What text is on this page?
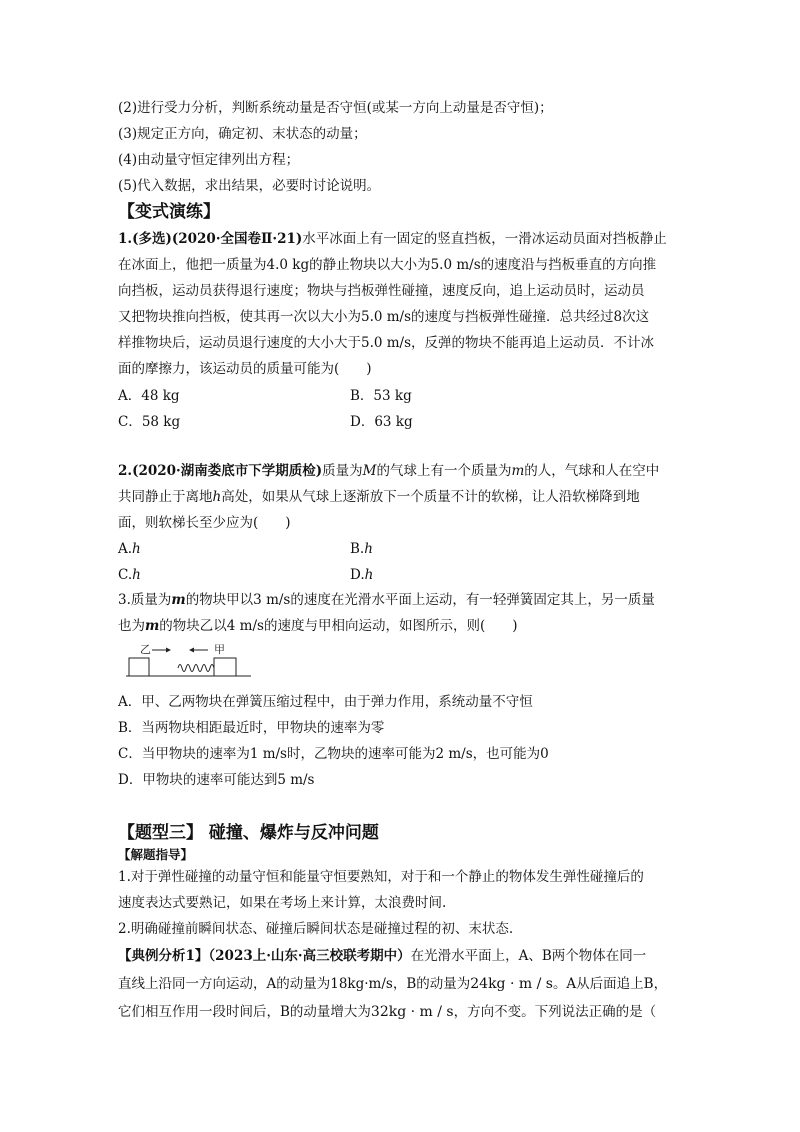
(2)进行受力分析，判断系统动量是否守恒(或某一方向上动量是否守恒)；
(3)规定正方向，确定初、末状态的动量；
(4)由动量守恒定律列出方程；
(5)代入数据，求出结果，必要时讨论说明。
【变式演练】
1.(多选)(2020·全国卷Ⅱ·21)水平冰面上有一固定的竖直挡板，一滑冰运动员面对挡板静止
在冰面上，他把一质量为4.0 kg的静止物块以大小为5.0 m/s的速度沿与挡板垂直的方向推
向挡板，运动员获得退行速度；物块与挡板弹性碰撞，速度反向，追上运动员时，运动员
又把物块推向挡板，使其再一次以大小为5.0 m/s的速度与挡板弹性碰撞．总共经过8次这
样推物块后，运动员退行速度的大小大于5.0 m/s，反弹的物块不能再追上运动员．不计冰
面的摩擦力，该运动员的质量可能为(　　)
A．48 kg	B．53 kg
C．58 kg	D．63 kg
2.(2020·湖南娄底市下学期质检)质量为M的气球上有一个质量为m的人，气球和人在空中
共同静止于离地h高处，如果从气球上逐渐放下一个质量不计的软梯，让人沿软梯降到地
面，则软梯长至少应为(　　)
A.h	B.h
C.h	D.h
3.质量为m的物块甲以3 m/s的速度在光滑水平面上运动，有一轻弹簧固定其上，另一质量
也为m的物块乙以4 m/s的速度与甲相向运动，如图所示，则(　　)
乙	甲
A．甲、乙两物块在弹簧压缩过程中，由于弹力作用，系统动量不守恒
B．当两物块相距最近时，甲物块的速率为零
C．当甲物块的速率为1 m/s时，乙物块的速率可能为2 m/s，也可能为0
D．甲物块的速率可能达到5 m/s
【题型三】 碰撞、爆炸与反冲问题
【解题指导】
1.对于弹性碰撞的动量守恒和能量守恒要熟知，对于和一个静止的物体发生弹性碰撞后的
速度表达式要熟记，如果在考场上来计算，太浪费时间.
2.明确碰撞前瞬间状态、碰撞后瞬间状态是碰撞过程的初、末状态.
【典例分析1】（2023上·山东·高三校联考期中）在光滑水平面上，A、B两个物体在同一
直线上沿同一方向运动，A的动量为18kg·m/s，B的动量为24kg · m / s。A从后面追上B，
它们相互作用一段时间后，B的动量增大为32kg · m / s，方向不变。下列说法正确的是（
